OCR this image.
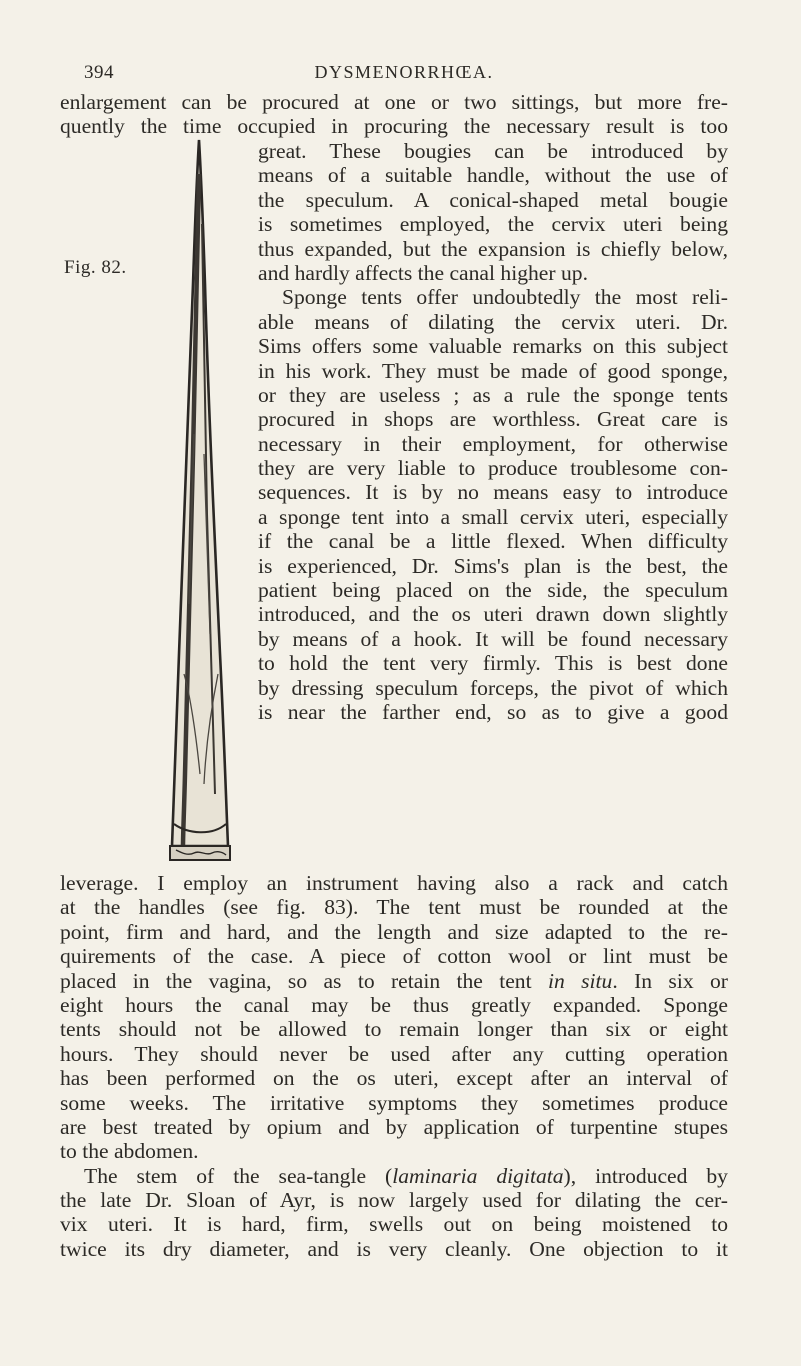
394	DYSMENORRHŒA.
Fig. 82.
enlargement can be procured at one or two sittings, but more fre-
quently the time occupied in procuring the necessary result is too
great. These bougies can be introduced by
means of a suitable handle, without the use of
the speculum. A conical-shaped metal bougie
is sometimes employed, the cervix uteri being
thus expanded, but the expansion is chiefly below,
and hardly affects the canal higher up.
Sponge tents offer undoubtedly the most reli-
able means of dilating the cervix uteri. Dr.
Sims offers some valuable remarks on this subject
in his work. They must be made of good sponge,
or they are useless ; as a rule the sponge tents
procured in shops are worthless. Great care is
necessary in their employment, for otherwise
they are very liable to produce troublesome con-
sequences. It is by no means easy to introduce
a sponge tent into a small cervix uteri, especially
if the canal be a little flexed. When difficulty
is experienced, Dr. Sims's plan is the best, the
patient being placed on the side, the speculum
introduced, and the os uteri drawn down slightly
by means of a hook. It will be found necessary
to hold the tent very firmly. This is best done
by dressing speculum forceps, the pivot of which
is near the farther end, so as to give a good
leverage. I employ an instrument having also a rack and catch
at the handles (see fig. 83). The tent must be rounded at the
point, firm and hard, and the length and size adapted to the re-
quirements of the case. A piece of cotton wool or lint must be
placed in the vagina, so as to retain the tent in situ. In six or
eight hours the canal may be thus greatly expanded. Sponge
tents should not be allowed to remain longer than six or eight
hours. They should never be used after any cutting operation
has been performed on the os uteri, except after an interval of
some weeks. The irritative symptoms they sometimes produce
are best treated by opium and by application of turpentine stupes
to the abdomen.
The stem of the sea-tangle (laminaria digitata), introduced by
the late Dr. Sloan of Ayr, is now largely used for dilating the cer-
vix uteri. It is hard, firm, swells out on being moistened to
twice its dry diameter, and is very cleanly. One objection to it
